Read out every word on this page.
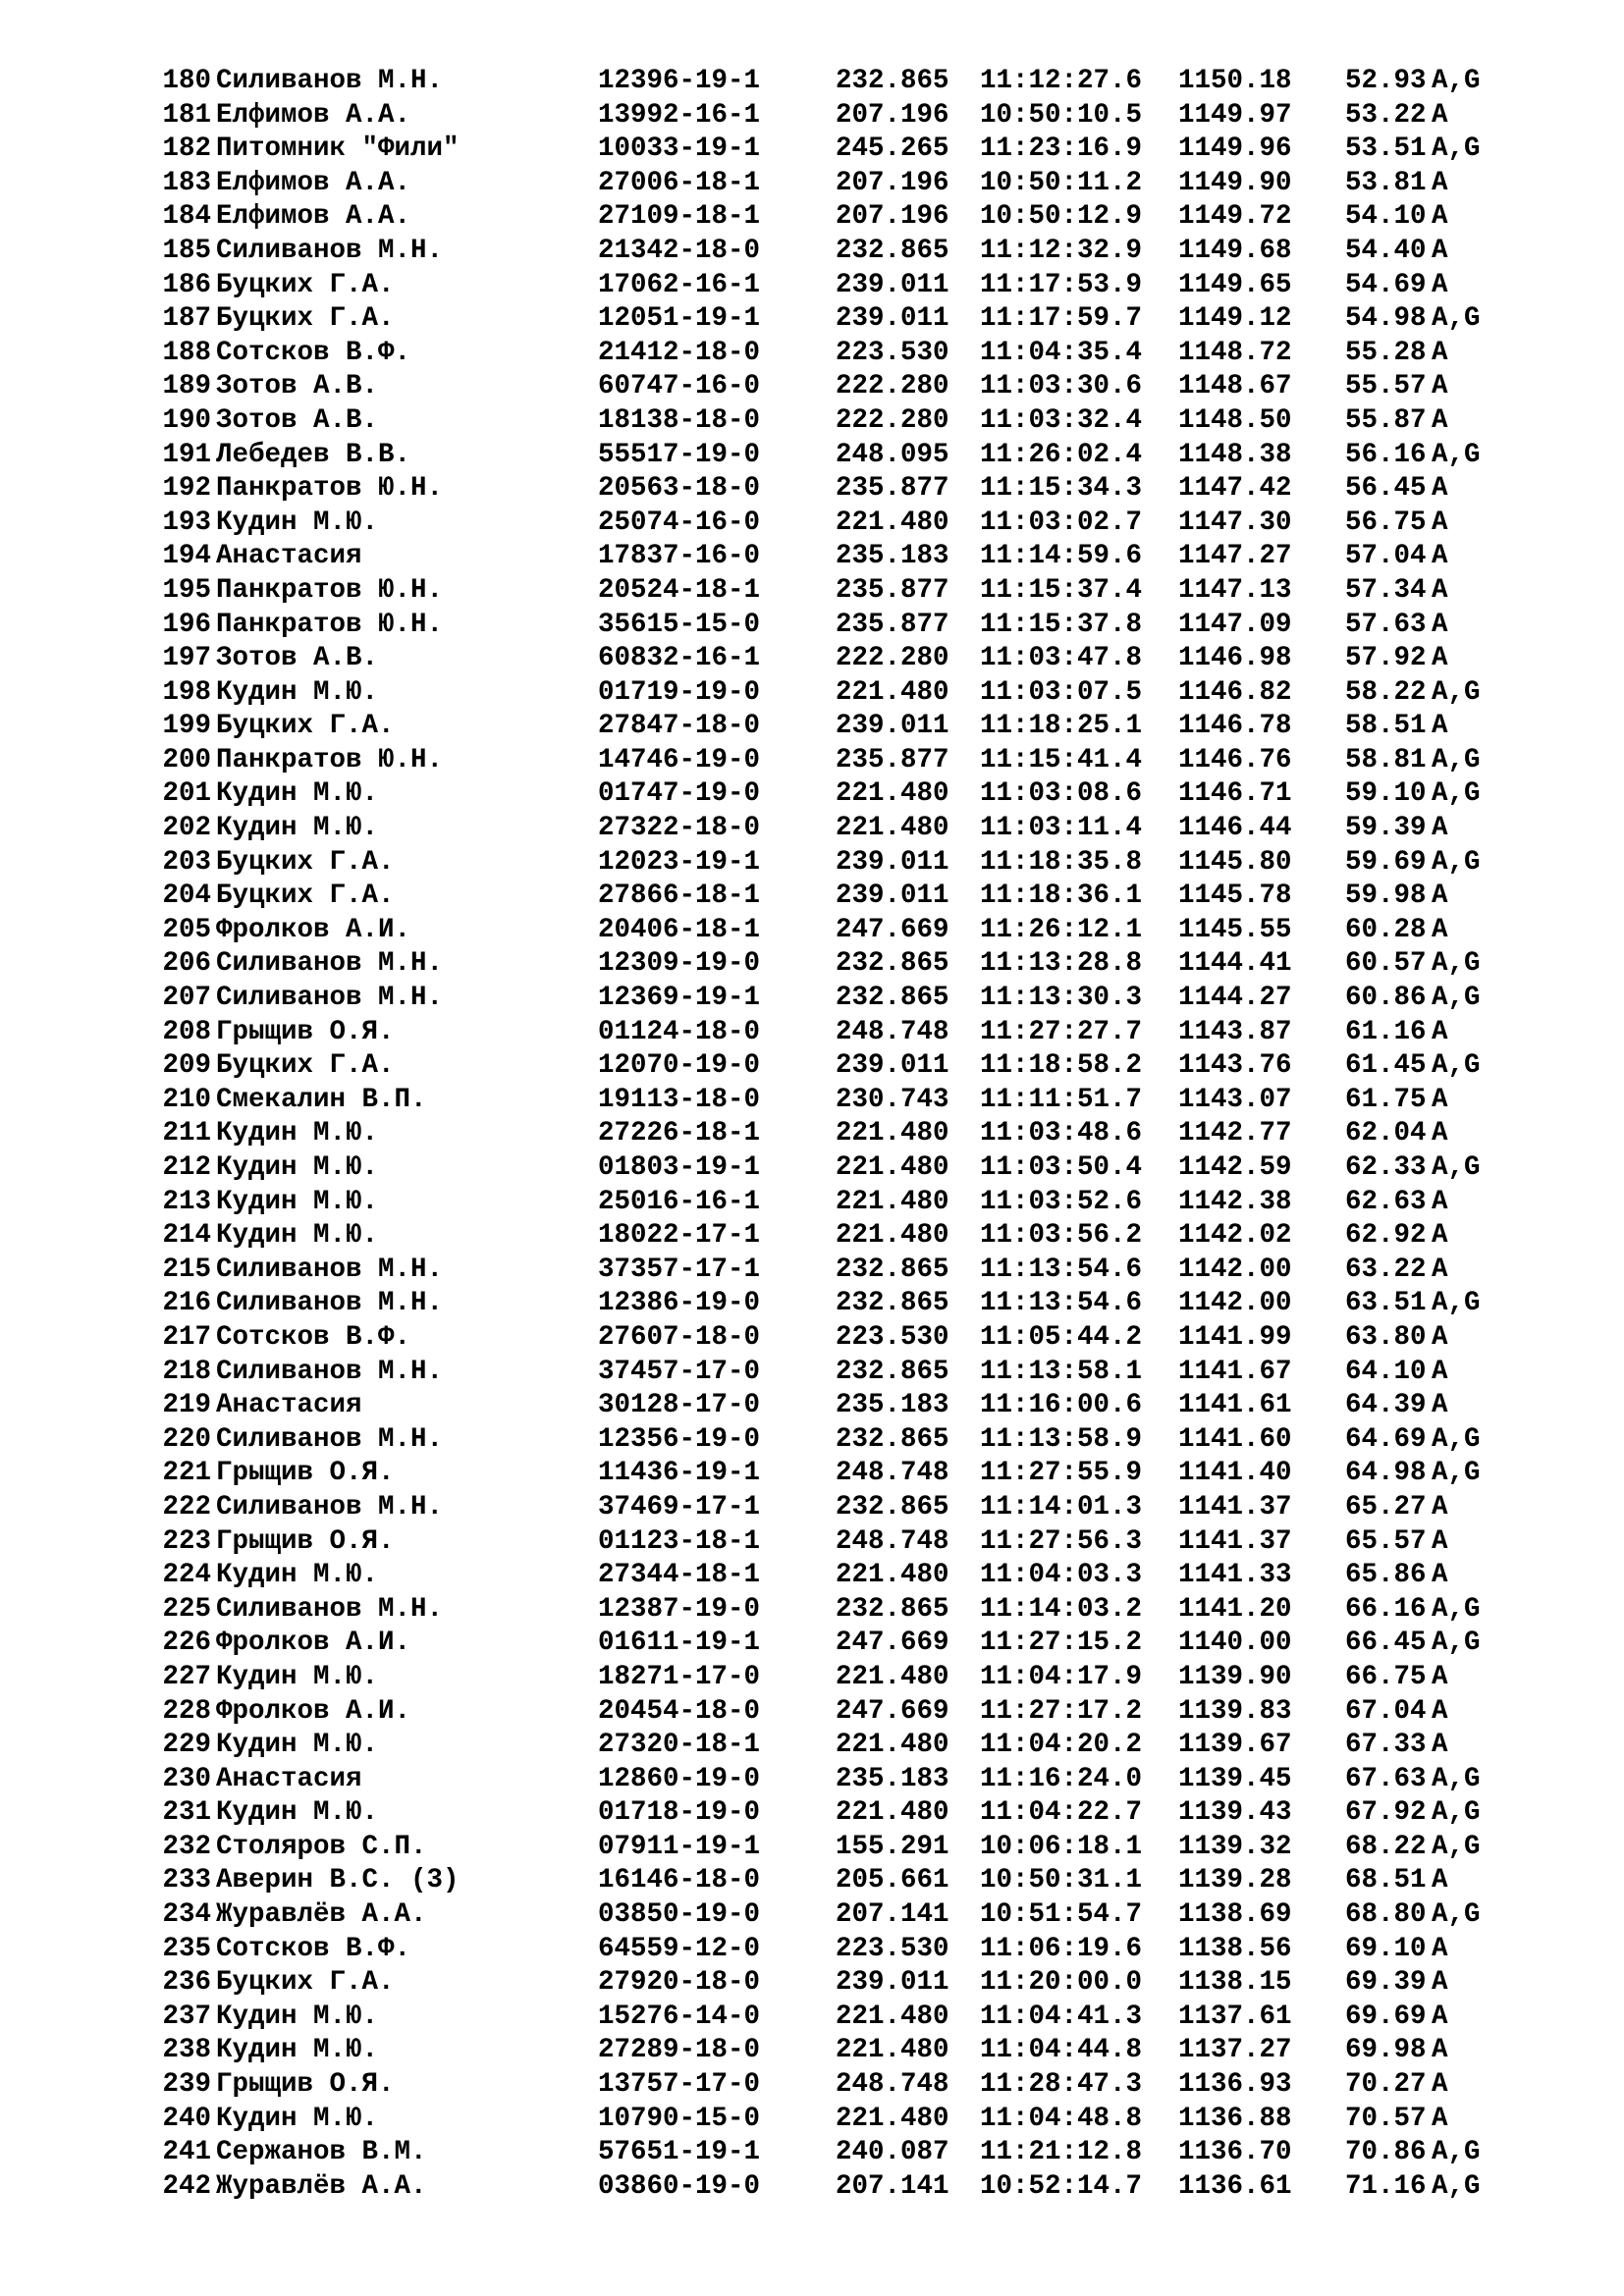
180 Силиванов М.Н.	12396-19-1	232.865 11:12:27.6 1150.18 52.93 A,G
181 Елфимов А.А.	13992-16-1	207.196 10:50:10.5 1149.97 53.22 A
182 Питомник "Фили"	10033-19-1	245.265 11:23:16.9 1149.96 53.51 A,G
183 Елфимов А.А.	27006-18-1	207.196 10:50:11.2 1149.90 53.81 A
184 Елфимов А.А.	27109-18-1	207.196 10:50:12.9 1149.72 54.10 A
185 Силиванов М.Н.	21342-18-0	232.865 11:12:32.9 1149.68 54.40 A
186 Буцких Г.А.	17062-16-1	239.011 11:17:53.9 1149.65 54.69 A
187 Буцких Г.А.	12051-19-1	239.011 11:17:59.7 1149.12 54.98 A,G
188 Сотсков В.Ф.	21412-18-0	223.530 11:04:35.4 1148.72 55.28 A
189 Зотов А.В.	60747-16-0	222.280 11:03:30.6 1148.67 55.57 A
190 Зотов А.В.	18138-18-0	222.280 11:03:32.4 1148.50 55.87 A
191 Лебедев В.В.	55517-19-0	248.095 11:26:02.4 1148.38 56.16 A,G
192 Панкратов Ю.Н.	20563-18-0	235.877 11:15:34.3 1147.42 56.45 A
193 Кудин М.Ю.	25074-16-0	221.480 11:03:02.7 1147.30 56.75 A
194 Анастасия	17837-16-0	235.183 11:14:59.6 1147.27 57.04 A
195 Панкратов Ю.Н.	20524-18-1	235.877 11:15:37.4 1147.13 57.34 A
196 Панкратов Ю.Н.	35615-15-0	235.877 11:15:37.8 1147.09 57.63 A
197 Зотов А.В.	60832-16-1	222.280 11:03:47.8 1146.98 57.92 A
198 Кудин М.Ю.	01719-19-0	221.480 11:03:07.5 1146.82 58.22 A,G
199 Буцких Г.А.	27847-18-0	239.011 11:18:25.1 1146.78 58.51 A
200 Панкратов Ю.Н.	14746-19-0	235.877 11:15:41.4 1146.76 58.81 A,G
201 Кудин М.Ю.	01747-19-0	221.480 11:03:08.6 1146.71 59.10 A,G
202 Кудин М.Ю.	27322-18-0	221.480 11:03:11.4 1146.44 59.39 A
203 Буцких Г.А.	12023-19-1	239.011 11:18:35.8 1145.80 59.69 A,G
204 Буцких Г.А.	27866-18-1	239.011 11:18:36.1 1145.78 59.98 A
205 Фролков А.И.	20406-18-1	247.669 11:26:12.1 1145.55 60.28 A
206 Силиванов М.Н.	12309-19-0	232.865 11:13:28.8 1144.41 60.57 A,G
207 Силиванов М.Н.	12369-19-1	232.865 11:13:30.3 1144.27 60.86 A,G
208 Грыщив О.Я.	01124-18-0	248.748 11:27:27.7 1143.87 61.16 A
209 Буцких Г.А.	12070-19-0	239.011 11:18:58.2 1143.76 61.45 A,G
210 Смекалин В.П.	19113-18-0	230.743 11:11:51.7 1143.07 61.75 A
211 Кудин М.Ю.	27226-18-1	221.480 11:03:48.6 1142.77 62.04 A
212 Кудин М.Ю.	01803-19-1	221.480 11:03:50.4 1142.59 62.33 A,G
213 Кудин М.Ю.	25016-16-1	221.480 11:03:52.6 1142.38 62.63 A
214 Кудин М.Ю.	18022-17-1	221.480 11:03:56.2 1142.02 62.92 A
215 Силиванов М.Н.	37357-17-1	232.865 11:13:54.6 1142.00 63.22 A
216 Силиванов М.Н.	12386-19-0	232.865 11:13:54.6 1142.00 63.51 A,G
217 Сотсков В.Ф.	27607-18-0	223.530 11:05:44.2 1141.99 63.80 A
218 Силиванов М.Н.	37457-17-0	232.865 11:13:58.1 1141.67 64.10 A
219 Анастасия	30128-17-0	235.183 11:16:00.6 1141.61 64.39 A
220 Силиванов М.Н.	12356-19-0	232.865 11:13:58.9 1141.60 64.69 A,G
221 Грыщив О.Я.	11436-19-1	248.748 11:27:55.9 1141.40 64.98 A,G
222 Силиванов М.Н.	37469-17-1	232.865 11:14:01.3 1141.37 65.27 A
223 Грыщив О.Я.	01123-18-1	248.748 11:27:56.3 1141.37 65.57 A
224 Кудин М.Ю.	27344-18-1	221.480 11:04:03.3 1141.33 65.86 A
225 Силиванов М.Н.	12387-19-0	232.865 11:14:03.2 1141.20 66.16 A,G
226 Фролков А.И.	01611-19-1	247.669 11:27:15.2 1140.00 66.45 A,G
227 Кудин М.Ю.	18271-17-0	221.480 11:04:17.9 1139.90 66.75 A
228 Фролков А.И.	20454-18-0	247.669 11:27:17.2 1139.83 67.04 A
229 Кудин М.Ю.	27320-18-1	221.480 11:04:20.2 1139.67 67.33 A
230 Анастасия	12860-19-0	235.183 11:16:24.0 1139.45 67.63 A,G
231 Кудин М.Ю.	01718-19-0	221.480 11:04:22.7 1139.43 67.92 A,G
232 Столяров С.П.	07911-19-1	155.291 10:06:18.1 1139.32 68.22 A,G
233 Аверин В.С. (3)	16146-18-0	205.661 10:50:31.1 1139.28 68.51 A
234 Журавлёв А.А.	03850-19-0	207.141 10:51:54.7 1138.69 68.80 A,G
235 Сотсков В.Ф.	64559-12-0	223.530 11:06:19.6 1138.56 69.10 A
236 Буцких Г.А.	27920-18-0	239.011 11:20:00.0 1138.15 69.39 A
237 Кудин М.Ю.	15276-14-0	221.480 11:04:41.3 1137.61 69.69 A
238 Кудин М.Ю.	27289-18-0	221.480 11:04:44.8 1137.27 69.98 A
239 Грыщив О.Я.	13757-17-0	248.748 11:28:47.3 1136.93 70.27 A
240 Кудин М.Ю.	10790-15-0	221.480 11:04:48.8 1136.88 70.57 A
241 Сержанов В.М.	57651-19-1	240.087 11:21:12.8 1136.70 70.86 A,G
242 Журавлёв А.А.	03860-19-0	207.141 10:52:14.7 1136.61 71.16 A,G
